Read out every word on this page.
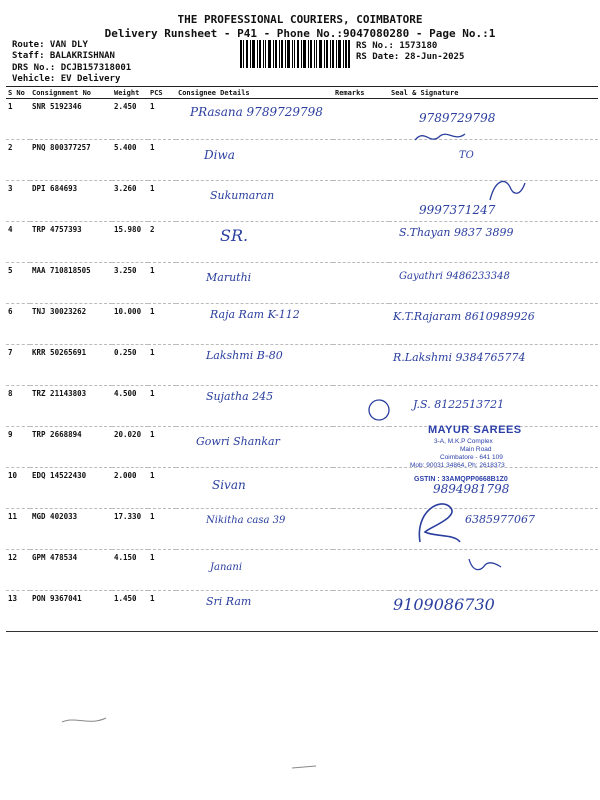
THE PROFESSIONAL COURIERS, COIMBATORE
Delivery Runsheet - P41 - Phone No.:9047080280 - Page No.:1
Route: VAN DLY
Staff: BALAKRISHNAN
DRS No.: DCJB157318001
Vehicle: EV Delivery
RS No.: 1573180
RS Date: 28-Jun-2025
S No	Consignment No	Weight	PCS	Consignee Details	Remarks	Seal & Signature
1	SNR 5192346	2.450	1	PRasana 9789729798		9789729798

2	PNQ 800377257	5.400	1	Diwa		TO

3	DPI 684693	3.260	1	Sukumaran		9997371247

4	TRP 4757393	15.980	2	SR.		S.Thayan 9837 3899

5	MAA 710818505	3.250	1	Maruthi		Gayathri 9486233348

6	TNJ 30023262	10.000	1	Raja Ram K-112		K.T.Rajaram 8610989926

7	KRR 50265691	0.250	1	Lakshmi B-80		R.Lakshmi 9384765774

8	TRZ 21143803	4.500	1	Sujatha 245		J.S. 8122513721

9	TRP 2668894	20.020	1	Gowri Shankar		

10	EDQ 14522430	2.000	1	Sivan		9894981798

11	MGD 402033	17.330	1	Nikitha casa 39		6385977067

12	GPM 478534	4.150	1	Janani		

13	PON 9367041	1.450	1	Sri Ram		9109086730
MAYUR SAREES
3-A, M.K.P Complex
Main Road
Coimbatore - 641 109
Mob: 90031 34864, Ph: 2618373
GSTIN : 33AMQPP0668B1Z0
